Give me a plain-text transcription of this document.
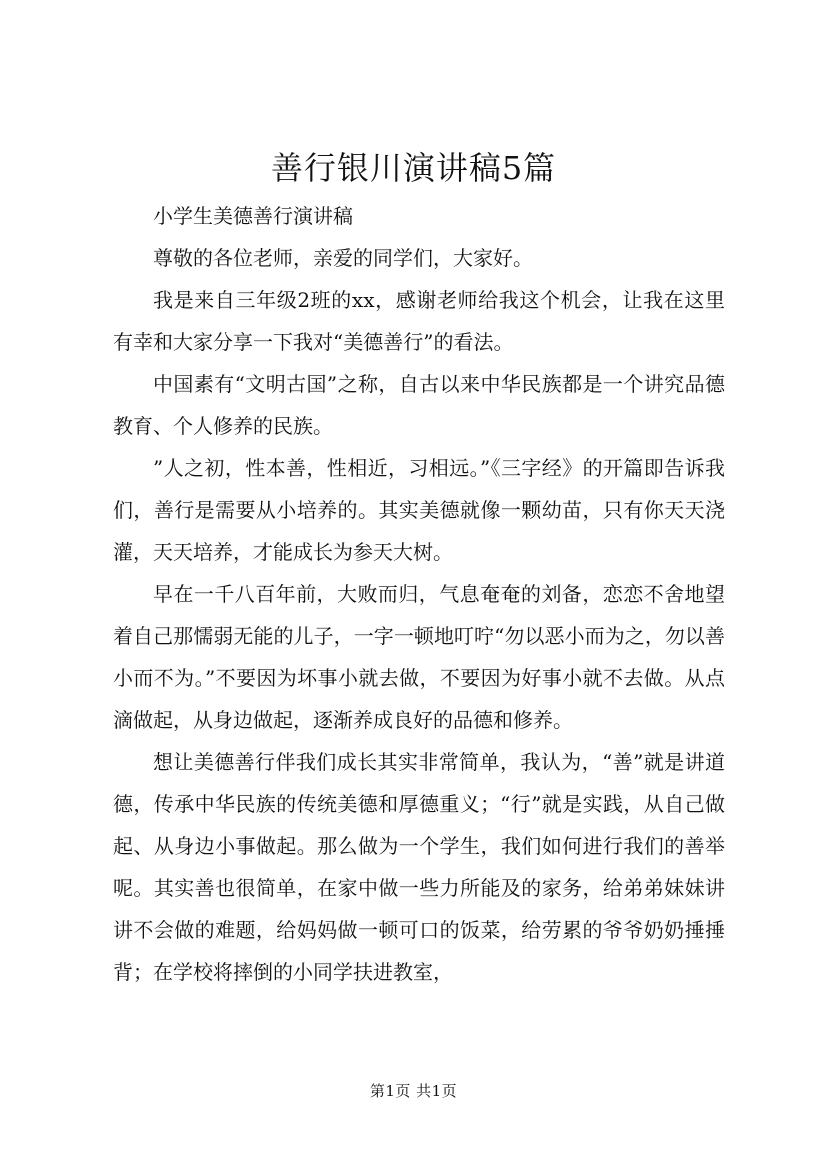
善行银川演讲稿5篇

小学生美德善行演讲稿

尊敬的各位老师，亲爱的同学们，大家好。

我是来自三年级2班的xx，感谢老师给我这个机会，让我在这里有幸和大家分享一下我对“美德善行”的看法。

中国素有“文明古国”之称，自古以来中华民族都是一个讲究品德教育、个人修养的民族。

”人之初，性本善，性相近，习相远。”《三字经》的开篇即告诉我们，善行是需要从小培养的。其实美德就像一颗幼苗，只有你天天浇灌，天天培养，才能成长为参天大树。

早在一千八百年前，大败而归，气息奄奄的刘备，恋恋不舍地望着自己那懦弱无能的儿子，一字一顿地叮咛“勿以恶小而为之，勿以善小而不为。”不要因为坏事小就去做，不要因为好事小就不去做。从点滴做起，从身边做起，逐渐养成良好的品德和修养。

想让美德善行伴我们成长其实非常简单，我认为，“善”就是讲道德，传承中华民族的传统美德和厚德重义；“行”就是实践，从自己做起、从身边小事做起。那么做为一个学生，我们如何进行我们的善举呢。其实善也很简单，在家中做一些力所能及的家务，给弟弟妹妹讲讲不会做的难题，给妈妈做一顿可口的饭菜，给劳累的爷爷奶奶捶捶背；在学校将摔倒的小同学扶进教室，

第1页 共1页
